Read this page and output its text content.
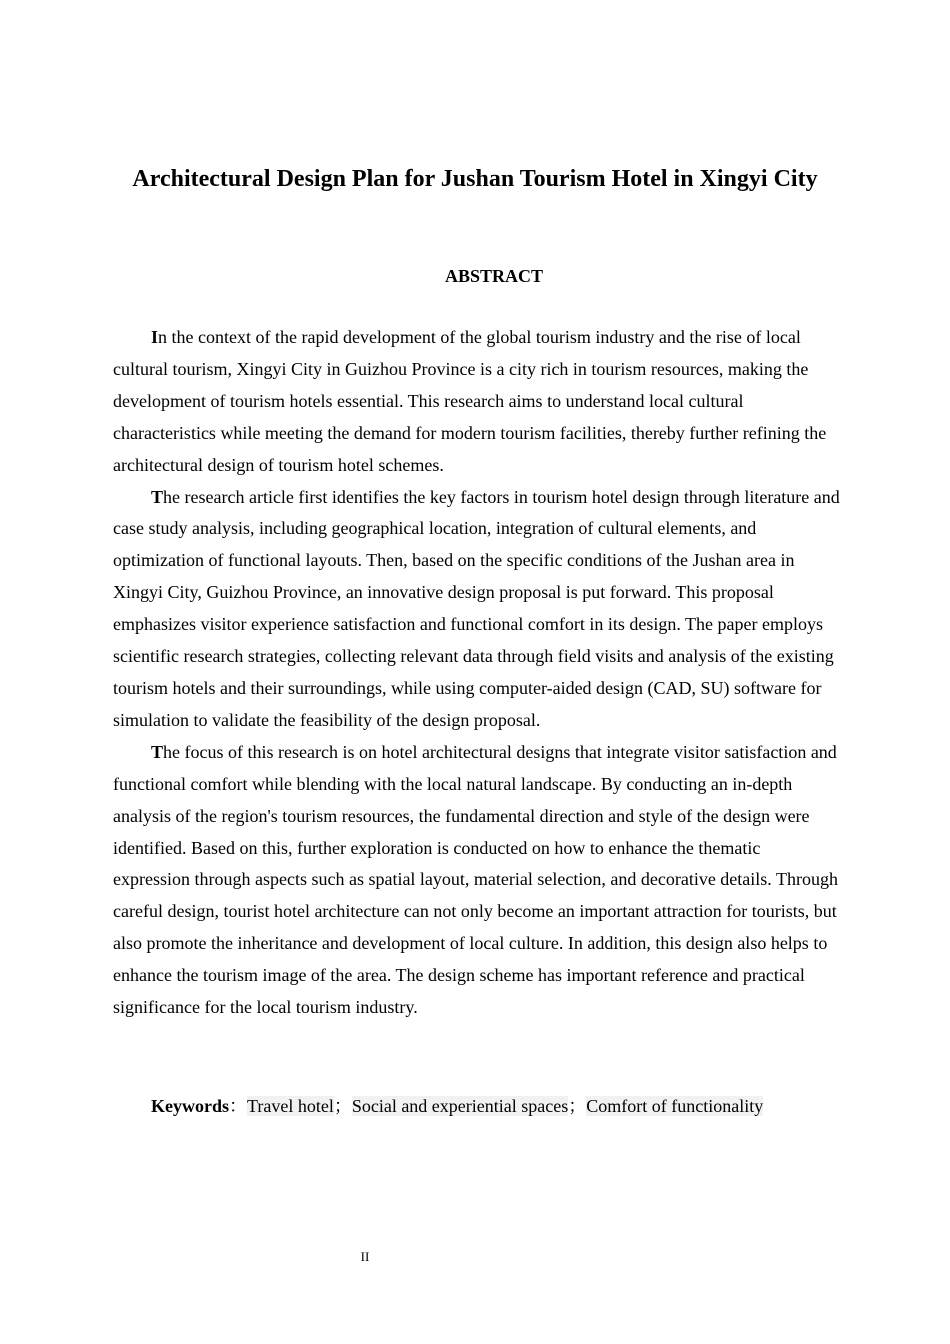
Architectural Design Plan for Jushan Tourism Hotel in Xingyi City
ABSTRACT

In the context of the rapid development of the global tourism industry and the rise of local cultural tourism, Xingyi City in Guizhou Province is a city rich in tourism resources, making the development of tourism hotels essential. This research aims to understand local cultural characteristics while meeting the demand for modern tourism facilities, thereby further refining the architectural design of tourism hotel schemes.

The research article first identifies the key factors in tourism hotel design through literature and case study analysis, including geographical location, integration of cultural elements, and optimization of functional layouts. Then, based on the specific conditions of the Jushan area in Xingyi City, Guizhou Province, an innovative design proposal is put forward. This proposal emphasizes visitor experience satisfaction and functional comfort in its design. The paper employs scientific research strategies, collecting relevant data through field visits and analysis of the existing tourism hotels and their surroundings, while using computer-aided design (CAD, SU) software for simulation to validate the feasibility of the design proposal.

The focus of this research is on hotel architectural designs that integrate visitor satisfaction and functional comfort while blending with the local natural landscape. By conducting an in-depth analysis of the region's tourism resources, the fundamental direction and style of the design were identified. Based on this, further exploration is conducted on how to enhance the thematic expression through aspects such as spatial layout, material selection, and decorative details. Through careful design, tourist hotel architecture can not only become an important attraction for tourists, but also promote the inheritance and development of local culture. In addition, this design also helps to enhance the tourism image of the area. The design scheme has important reference and practical significance for the local tourism industry.

Keywords：Travel hotel；Social and experiential spaces；Comfort of functionality

II
